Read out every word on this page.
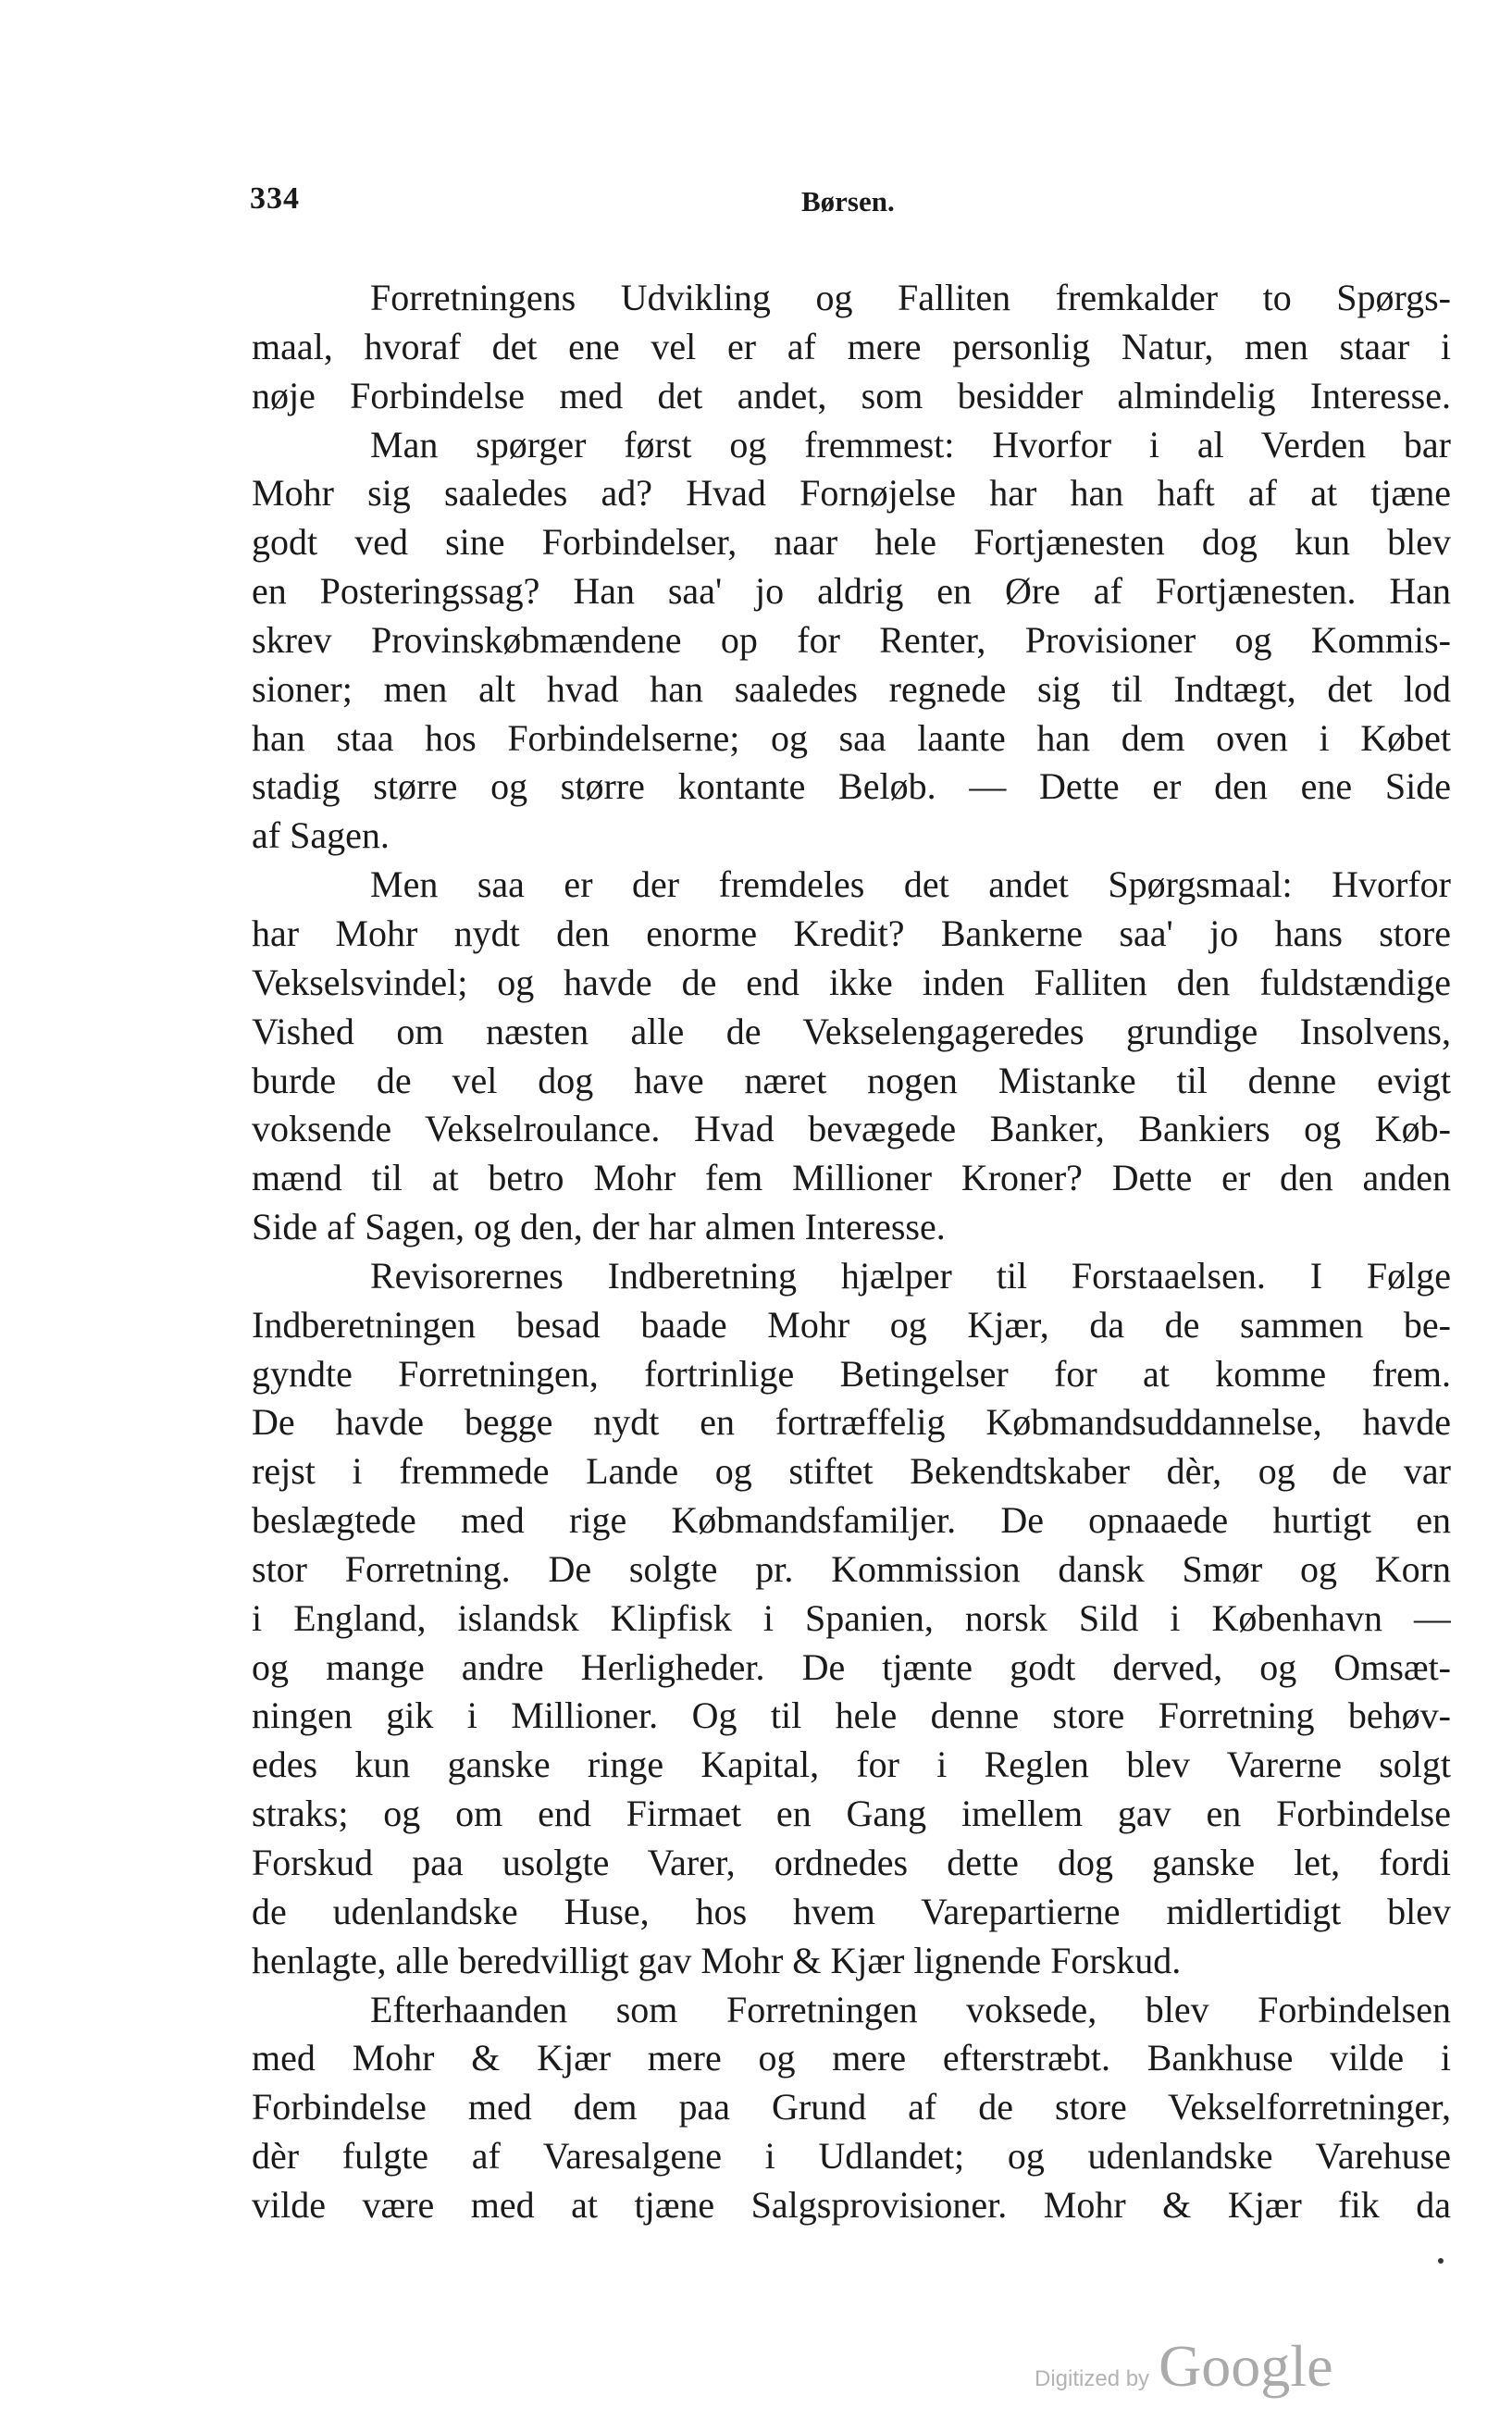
334	Børsen.
Forretningens Udvikling og Falliten fremkalder to Spørgs-
maal, hvoraf det ene vel er af mere personlig Natur, men staar i
nøje Forbindelse med det andet, som besidder almindelig Interesse.
Man spørger først og fremmest: Hvorfor i al Verden bar
Mohr sig saaledes ad? Hvad Fornøjelse har han haft af at tjæne
godt ved sine Forbindelser, naar hele Fortjænesten dog kun blev
en Posteringssag? Han saa' jo aldrig en Øre af Fortjænesten. Han
skrev Provinskøbmændene op for Renter, Provisioner og Kommis-
sioner; men alt hvad han saaledes regnede sig til Indtægt, det lod
han staa hos Forbindelserne; og saa laante han dem oven i Købet
stadig større og større kontante Beløb. — Dette er den ene Side
af Sagen.
Men saa er der fremdeles det andet Spørgsmaal: Hvorfor
har Mohr nydt den enorme Kredit? Bankerne saa' jo hans store
Vekselsvindel; og havde de end ikke inden Falliten den fuldstændige
Vished om næsten alle de Vekselengageredes grundige Insolvens,
burde de vel dog have næret nogen Mistanke til denne evigt
voksende Vekselroulance. Hvad bevægede Banker, Bankiers og Køb-
mænd til at betro Mohr fem Millioner Kroner? Dette er den anden
Side af Sagen, og den, der har almen Interesse.
Revisorernes Indberetning hjælper til Forstaaelsen. I Følge
Indberetningen besad baade Mohr og Kjær, da de sammen be-
gyndte Forretningen, fortrinlige Betingelser for at komme frem.
De havde begge nydt en fortræffelig Købmandsuddannelse, havde
rejst i fremmede Lande og stiftet Bekendtskaber dèr, og de var
beslægtede med rige Købmandsfamiljer. De opnaaede hurtigt en
stor Forretning. De solgte pr. Kommission dansk Smør og Korn
i England, islandsk Klipfisk i Spanien, norsk Sild i København —
og mange andre Herligheder. De tjænte godt derved, og Omsæt-
ningen gik i Millioner. Og til hele denne store Forretning behøv-
edes kun ganske ringe Kapital, for i Reglen blev Varerne solgt
straks; og om end Firmaet en Gang imellem gav en Forbindelse
Forskud paa usolgte Varer, ordnedes dette dog ganske let, fordi
de udenlandske Huse, hos hvem Varepartierne midlertidigt blev
henlagte, alle beredvilligt gav Mohr & Kjær lignende Forskud.
Efterhaanden som Forretningen voksede, blev Forbindelsen
med Mohr & Kjær mere og mere efterstræbt. Bankhuse vilde i
Forbindelse med dem paa Grund af de store Vekselforretninger,
dèr fulgte af Varesalgene i Udlandet; og udenlandske Varehuse
vilde være med at tjæne Salgsprovisioner. Mohr & Kjær fik da
Digitized by Google
